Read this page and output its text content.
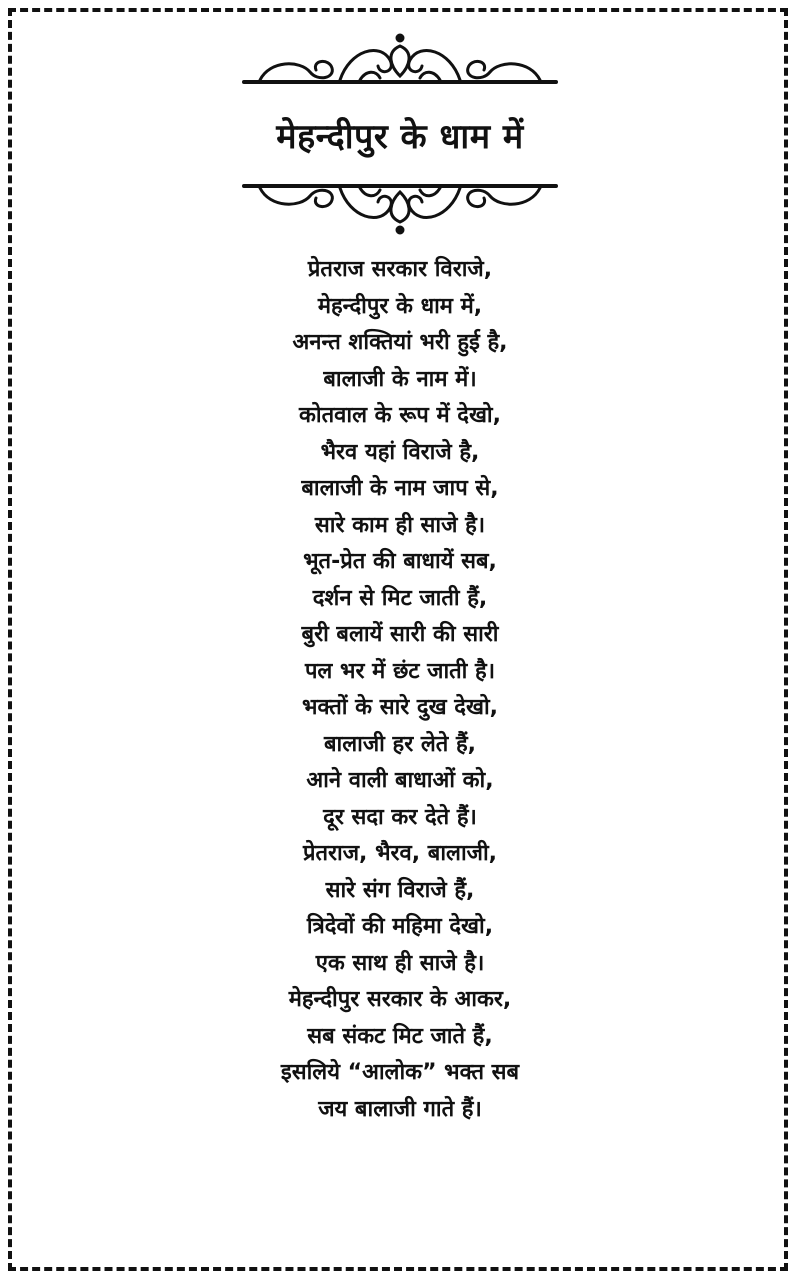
मेहन्दीपुर के धाम में
प्रेतराज सरकार विराजे,
मेहन्दीपुर के धाम में,
अनन्त शक्तियां भरी हुई है,
बालाजी के नाम में।
कोतवाल के रूप में देखो,
भैरव यहां विराजे है,
बालाजी के नाम जाप से,
सारे काम ही साजे है।
भूत-प्रेत की बाधायें सब,
दर्शन से मिट जाती हैं,
बुरी बलायें सारी की सारी
पल भर में छंट जाती है।
भक्तों के सारे दुख देखो,
बालाजी हर लेते हैं,
आने वाली बाधाओं को,
दूर सदा कर देते हैं।
प्रेतराज, भैरव, बालाजी,
सारे संग विराजे हैं,
त्रिदेवों की महिमा देखो,
एक साथ ही साजे है।
मेहन्दीपुर सरकार के आकर,
सब संकट मिट जाते हैं,
इसलिये “आलोक” भक्त सब
जय बालाजी गाते हैं।
